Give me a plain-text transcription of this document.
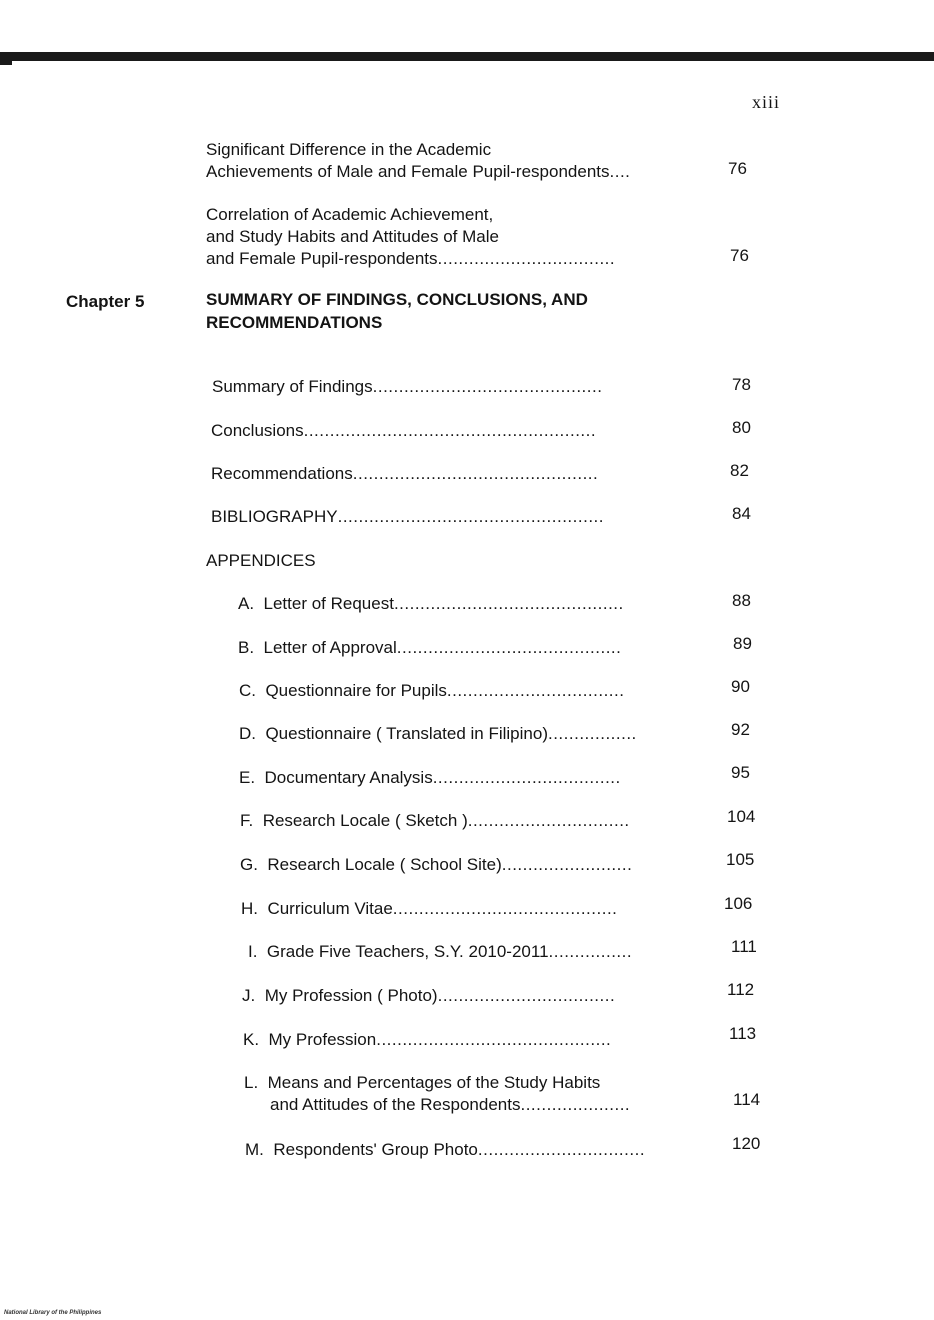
xiii
Significant Difference in the Academic
Achievements of Male and Female Pupil-respondents....	76
Correlation of Academic Achievement,
and Study Habits and Attitudes of Male
and Female Pupil-respondents..................................	76
Chapter 5	SUMMARY OF FINDINGS, CONCLUSIONS, AND
RECOMMENDATIONS
Summary of Findings............................................	78
Conclusions........................................................	80
Recommendations...............................................	82
BIBLIOGRAPHY...................................................	84
APPENDICES
A. Letter of Request............................................	88
B. Letter of Approval...........................................	89
C. Questionnaire for Pupils..................................	90
D. Questionnaire ( Translated in Filipino).................	92
E. Documentary Analysis....................................	95
F. Research Locale ( Sketch )...............................	104
G. Research Locale ( School Site).........................	105
H. Curriculum Vitae...........................................	106
I. Grade Five Teachers, S.Y. 2010-2011................	111
J. My Profession ( Photo)..................................	112
K. My Profession.............................................	113
L. Means and Percentages of the Study Habits
and Attitudes of the Respondents.....................	114
M. Respondents' Group Photo................................	120
National Library of the Philippines
